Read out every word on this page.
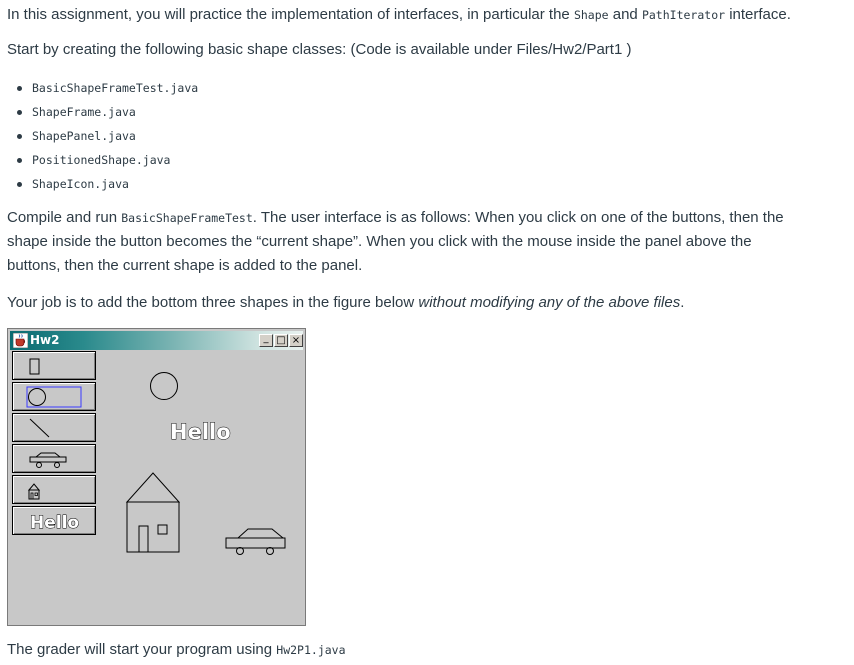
In this assignment, you will practice the implementation of interfaces, in particular the Shape and PathIterator interface.

Start by creating the following basic shape classes: (Code is available under Files/Hw2/Part1 )

BasicShapeFrameTest.java
ShapeFrame.java
ShapePanel.java
PositionedShape.java
ShapeIcon.java

Compile and run BasicShapeFrameTest. The user interface is as follows: When you click on one of the buttons, then the
shape inside the button becomes the “current shape”. When you click with the mouse inside the panel above the
buttons, then the current shape is added to the panel.

Your job is to add the bottom three shapes in the figure below without modifying any of the above files.

Hw2	_ □ ×
Hello
Hello

The grader will start your program using Hw2P1.java
